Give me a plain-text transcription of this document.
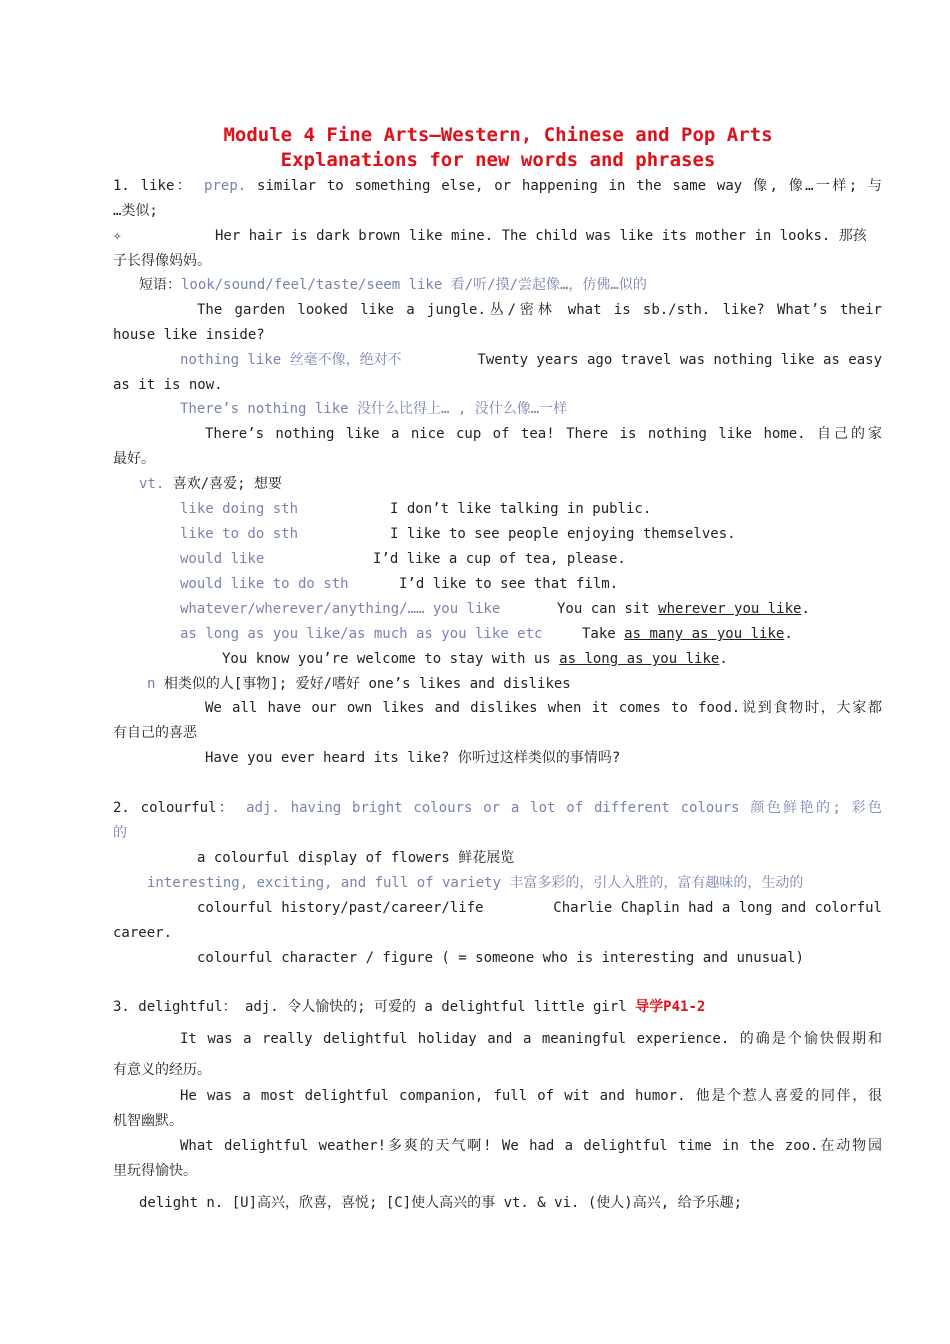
Module 4 Fine Arts—Western, Chinese and Pop Arts
Explanations for new words and phrases
1. like： prep. similar to something else, or happening in the same way 像, 像…一样; 与
…类似;
✧	Her hair is dark brown like mine. The child was like its mother in looks. 那孩
子长得像妈妈。
短语：look/sound/feel/taste/seem like 看/听/摸/尝起像…，仿佛…似的
The garden looked like a jungle.丛/密林 what is sb./sth. like? What’s their
house like inside?
nothing like 丝毫不像，绝对不	Twenty years ago travel was nothing like as easy
as it is now.
There’s nothing like 没什么比得上… , 没什么像…一样
There’s nothing like a nice cup of tea! There is nothing like home. 自己的家
最好。
vt. 喜欢/喜爱; 想要
like doing sth	I don’t like talking in public.
like to do sth	I like to see people enjoying themselves.
would like	I’d like a cup of tea, please.
would like to do sth	I’d like to see that film.
whatever/wherever/anything/…… you like	You can sit wherever you like.
as long as you like/as much as you like etc	Take as many as you like.
You know you’re welcome to stay with us as long as you like.
n 相类似的人[事物]; 爱好/嗜好 one’s likes and dislikes
We all have our own likes and dislikes when it comes to food.说到食物时，大家都
有自己的喜恶
Have you ever heard its like? 你听过这样类似的事情吗?
2. colourful： adj. having bright colours or a lot of different colours 颜色鲜艳的; 彩色
的
a colourful display of flowers 鲜花展览
interesting, exciting, and full of variety 丰富多彩的，引人入胜的，富有趣味的，生动的
colourful history/past/career/life	Charlie Chaplin had a long and colorful
career.
colourful character / figure ( = someone who is interesting and unusual)
3. delightful： adj. 令人愉快的; 可爱的 a delightful little girl 导学P41-2
It was a really delightful holiday and a meaningful experience. 的确是个愉快假期和
有意义的经历。
He was a most delightful companion, full of wit and humor. 他是个惹人喜爱的同伴，很
机智幽默。
What delightful weather!多爽的天气啊! We had a delightful time in the zoo.在动物园
里玩得愉快。
delight n. [U]高兴，欣喜，喜悦; [C]使人高兴的事 vt. & vi. (使人)高兴, 给予乐趣;
